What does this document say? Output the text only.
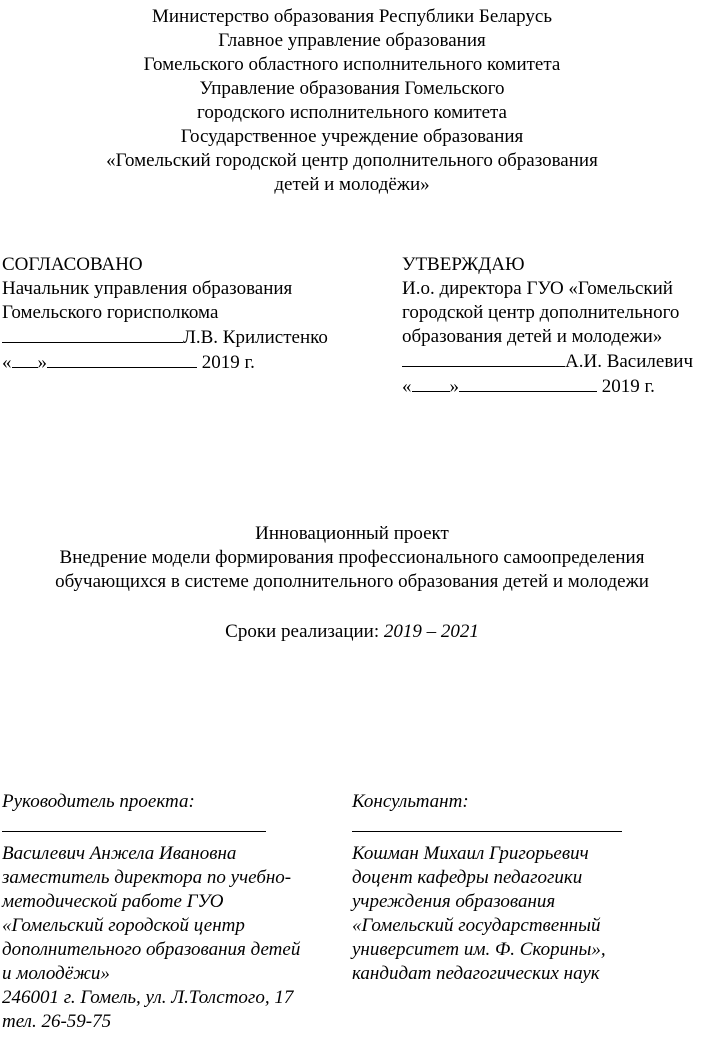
Министерство образования Республики Беларусь
Главное управление образования
Гомельского областного исполнительного комитета
Управление образования Гомельского
городского исполнительного комитета
Государственное учреждение образования
«Гомельский городской центр дополнительного образования
детей и молодёжи»
СОГЛАСОВАНО
Начальник управления образования
Гомельского горисполкома
Л.В. Крилистенко
« »	2019 г.
УТВЕРЖДАЮ
И.о. директора ГУО «Гомельский
городской центр дополнительного
образования детей и молодежи»
А.И. Василевич
« »	2019 г.
Инновационный проект
Внедрение модели формирования профессионального самоопределения
обучающихся в системе дополнительного образования детей и молодежи
Сроки реализации: 2019 – 2021
Руководитель проекта:
Василевич Анжела Ивановна
заместитель директора по учебно-
методической работе ГУО
«Гомельский городской центр
дополнительного образования детей
и молодёжи»
246001 г. Гомель, ул. Л.Толстого, 17
тел. 26-59-75
Консультант:
Кошман Михаил Григорьевич
доцент кафедры педагогики
учреждения образования
«Гомельский государственный
университет им. Ф. Скорины»,
кандидат педагогических наук
